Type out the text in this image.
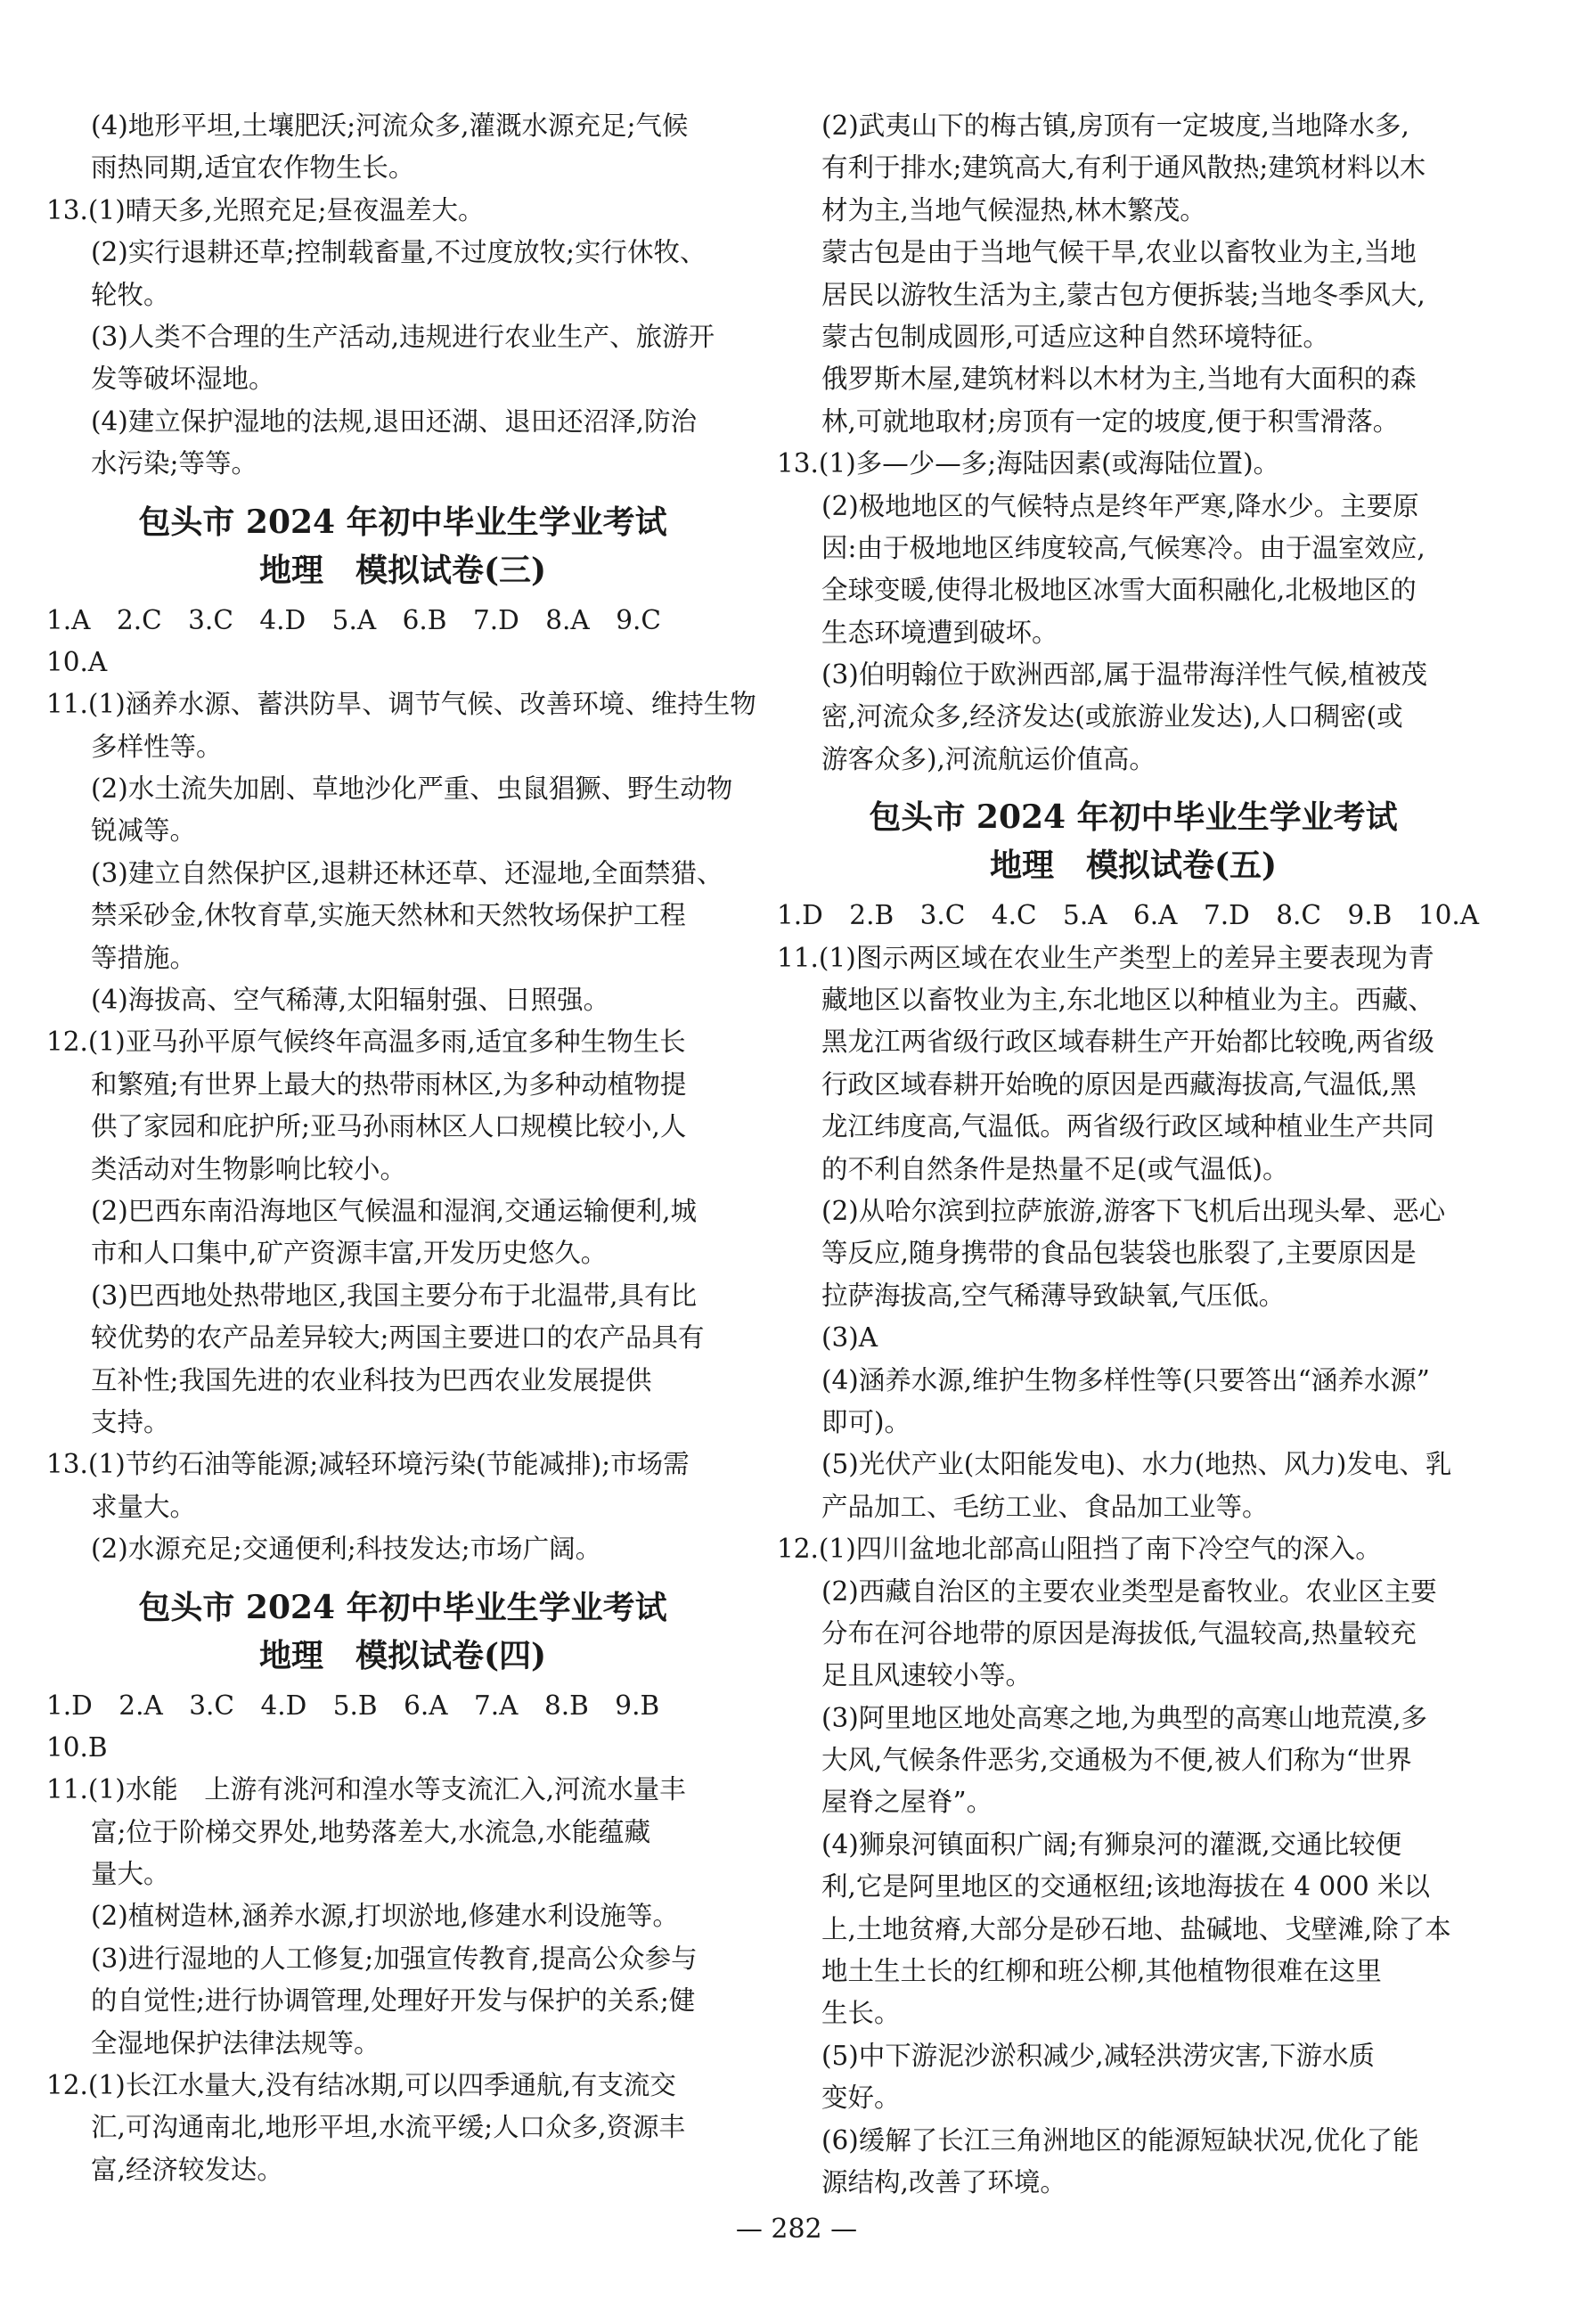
(4)地形平坦,土壤肥沃;河流众多,灌溉水源充足;气候
雨热同期,适宜农作物生长。
13.(1)晴天多,光照充足;昼夜温差大。
(2)实行退耕还草;控制载畜量,不过度放牧;实行休牧、
轮牧。
(3)人类不合理的生产活动,违规进行农业生产、旅游开
发等破坏湿地。
(4)建立保护湿地的法规,退田还湖、退田还沼泽,防治
水污染;等等。
包头市 2024 年初中毕业生学业考试
地理　模拟试卷(三)
1.A　2.C　3.C　4.D　5.A　6.B　7.D　8.A　9.C
10.A
11.(1)涵养水源、蓄洪防旱、调节气候、改善环境、维持生物
多样性等。
(2)水土流失加剧、草地沙化严重、虫鼠猖獗、野生动物
锐减等。
(3)建立自然保护区,退耕还林还草、还湿地,全面禁猎、
禁采砂金,休牧育草,实施天然林和天然牧场保护工程
等措施。
(4)海拔高、空气稀薄,太阳辐射强、日照强。
12.(1)亚马孙平原气候终年高温多雨,适宜多种生物生长
和繁殖;有世界上最大的热带雨林区,为多种动植物提
供了家园和庇护所;亚马孙雨林区人口规模比较小,人
类活动对生物影响比较小。
(2)巴西东南沿海地区气候温和湿润,交通运输便利,城
市和人口集中,矿产资源丰富,开发历史悠久。
(3)巴西地处热带地区,我国主要分布于北温带,具有比
较优势的农产品差异较大;两国主要进口的农产品具有
互补性;我国先进的农业科技为巴西农业发展提供
支持。
13.(1)节约石油等能源;减轻环境污染(节能减排);市场需
求量大。
(2)水源充足;交通便利;科技发达;市场广阔。
包头市 2024 年初中毕业生学业考试
地理　模拟试卷(四)
1.D　2.A　3.C　4.D　5.B　6.A　7.A　8.B　9.B
10.B
11.(1)水能　上游有洮河和湟水等支流汇入,河流水量丰
富;位于阶梯交界处,地势落差大,水流急,水能蕴藏
量大。
(2)植树造林,涵养水源,打坝淤地,修建水利设施等。
(3)进行湿地的人工修复;加强宣传教育,提高公众参与
的自觉性;进行协调管理,处理好开发与保护的关系;健
全湿地保护法律法规等。
12.(1)长江水量大,没有结冰期,可以四季通航,有支流交
汇,可沟通南北,地形平坦,水流平缓;人口众多,资源丰
富,经济较发达。
(2)武夷山下的梅古镇,房顶有一定坡度,当地降水多,
有利于排水;建筑高大,有利于通风散热;建筑材料以木
材为主,当地气候湿热,林木繁茂。
蒙古包是由于当地气候干旱,农业以畜牧业为主,当地
居民以游牧生活为主,蒙古包方便拆装;当地冬季风大,
蒙古包制成圆形,可适应这种自然环境特征。
俄罗斯木屋,建筑材料以木材为主,当地有大面积的森
林,可就地取材;房顶有一定的坡度,便于积雪滑落。
13.(1)多—少—多;海陆因素(或海陆位置)。
(2)极地地区的气候特点是终年严寒,降水少。主要原
因:由于极地地区纬度较高,气候寒冷。由于温室效应,
全球变暖,使得北极地区冰雪大面积融化,北极地区的
生态环境遭到破坏。
(3)伯明翰位于欧洲西部,属于温带海洋性气候,植被茂
密,河流众多,经济发达(或旅游业发达),人口稠密(或
游客众多),河流航运价值高。
包头市 2024 年初中毕业生学业考试
地理　模拟试卷(五)
1.D　2.B　3.C　4.C　5.A　6.A　7.D　8.C　9.B　10.A
11.(1)图示两区域在农业生产类型上的差异主要表现为青
藏地区以畜牧业为主,东北地区以种植业为主。西藏、
黑龙江两省级行政区域春耕生产开始都比较晚,两省级
行政区域春耕开始晚的原因是西藏海拔高,气温低,黑
龙江纬度高,气温低。两省级行政区域种植业生产共同
的不利自然条件是热量不足(或气温低)。
(2)从哈尔滨到拉萨旅游,游客下飞机后出现头晕、恶心
等反应,随身携带的食品包装袋也胀裂了,主要原因是
拉萨海拔高,空气稀薄导致缺氧,气压低。
(3)A
(4)涵养水源,维护生物多样性等(只要答出“涵养水源”
即可)。
(5)光伏产业(太阳能发电)、水力(地热、风力)发电、乳
产品加工、毛纺工业、食品加工业等。
12.(1)四川盆地北部高山阻挡了南下冷空气的深入。
(2)西藏自治区的主要农业类型是畜牧业。农业区主要
分布在河谷地带的原因是海拔低,气温较高,热量较充
足且风速较小等。
(3)阿里地区地处高寒之地,为典型的高寒山地荒漠,多
大风,气候条件恶劣,交通极为不便,被人们称为“世界
屋脊之屋脊”。
(4)狮泉河镇面积广阔;有狮泉河的灌溉,交通比较便
利,它是阿里地区的交通枢纽;该地海拔在 4 000 米以
上,土地贫瘠,大部分是砂石地、盐碱地、戈壁滩,除了本
地土生土长的红柳和班公柳,其他植物很难在这里
生长。
(5)中下游泥沙淤积减少,减轻洪涝灾害,下游水质
变好。
(6)缓解了长江三角洲地区的能源短缺状况,优化了能
源结构,改善了环境。
— 282 —
